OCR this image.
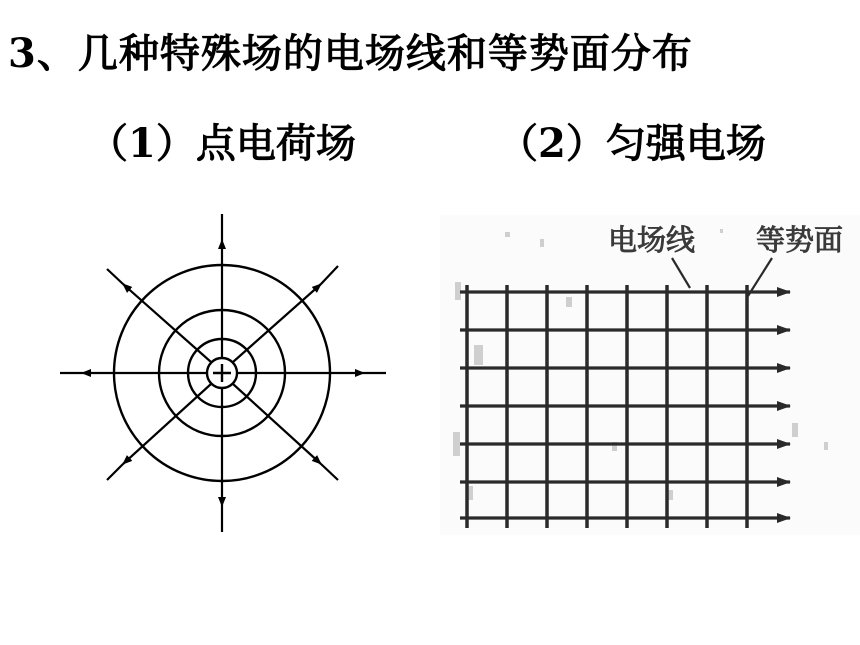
3、几种特殊场的电场线和等势面分布
（1）点电荷场	（2）匀强电场
电场线 等势面
